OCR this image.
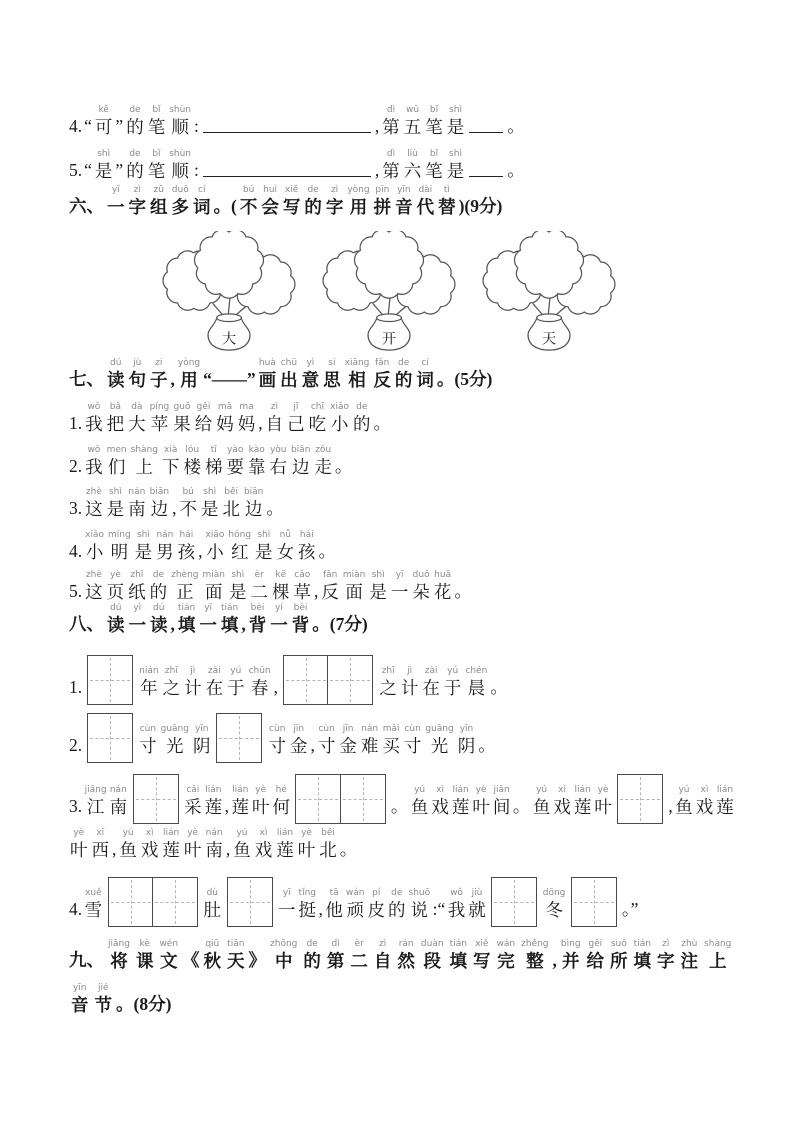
4. “
kě
可 ”
de
的
bǐ
笔
shùn
顺 :	,
dì
第
wǔ
五
bǐ
笔
shì
是 。
5. “
shì
是 ”
de
的
bǐ
笔
shùn
顺 :	,
dì
第
liù
六
bǐ
笔
shì
是 。
六、
yī
一
zì
字
zǔ
组
duō
多
cí
词 。(
bú
不
huì
会
xiě
写
de
的
zì
字
yòng
用
pīn
拼
yīn
音
dài
代
tì
替 )(9分)
大	开	天
七、
dú
读
jù
句
zi
子 ,
yòng
用 “——”
huà
画
chū
出
yì
意
si
思
xiāng
相
fǎn
反
de
的
cí
词 。(5分)
1.
wǒ
我
bǎ
把
dà
大
píng
苹
guǒ
果
gěi
给
mā
妈
ma
妈 ,
zì
自
jǐ
己
chī
吃
xiǎo
小
de
的 。
2.
wǒ
我
men
们
shàng
上
xià
下
lóu
楼
tī
梯
yào
要
kào
靠
yòu
右
biān
边
zǒu
走 。
3.
zhè
这
shì
是
nán
南
biān
边 ,
bú
不
shì
是
běi
北
biān
边 。
4.
xiǎo
小
míng
明
shì
是
nán
男
hái
孩 ,
xiǎo
小
hóng
红
shì
是
nǚ
女
hái
孩 。
5.
zhè
这
yè
页
zhǐ
纸
de
的
zhèng
正
miàn
面
shì
是
èr
二
kē
棵
cǎo
草 ,
fǎn
反
miàn
面
shì
是
yī
一
duǒ
朵
huā
花 。
八、
dú
读
yì
一
dú
读 ,
tián
填
yī
一
tián
填 ,
bèi
背
yí
一
bèi
背 。(7分)
1.
nián
年
zhī
之
jì
计
zài
在
yú
于
chūn
春 ,
zhī
之
jì
计
zài
在
yú
于
chén
晨 。
2.
cùn
寸
guāng
光
yīn
阴
cùn
寸
jīn
金 ,
cùn
寸
jīn
金
nán
难
mǎi
买
cùn
寸
guāng
光
yīn
阴 。
3.
jiāng
江
nán
南
cǎi
采
lián
莲 ,
lián
莲
yè
叶
hé
何	。
yú
鱼
xì
戏
lián
莲
yè
叶
jiān
间 。
yú
鱼
xì
戏
lián
莲
yè
叶	,
yú
鱼
xì
戏
lián
莲
yè
叶
xī
西 ,
yú
鱼
xì
戏
lián
莲
yè
叶
nán
南 ,
yú
鱼
xì
戏
lián
莲
yè
叶
běi
北 。
4.
xuě
雪
dù
肚
yī
一
tǐng
挺 ,
tā
他
wán
顽
pí
皮
de
的
shuō
说 :“
wǒ
我
jiù
就
dōng
冬	。”
九、
jiāng
将
kè
课
wén
文 《
qiū
秋
tiān
天 》
zhōng
中
de
的
dì
第
èr
二
zì
自
rán
然
duàn
段
tián
填
xiě
写
wán
完
zhěng
整 ,
bìng
并
gěi
给
suǒ
所
tián
填
zì
字
zhù
注
shàng
上
yīn
音
jié
节 。(8分)
